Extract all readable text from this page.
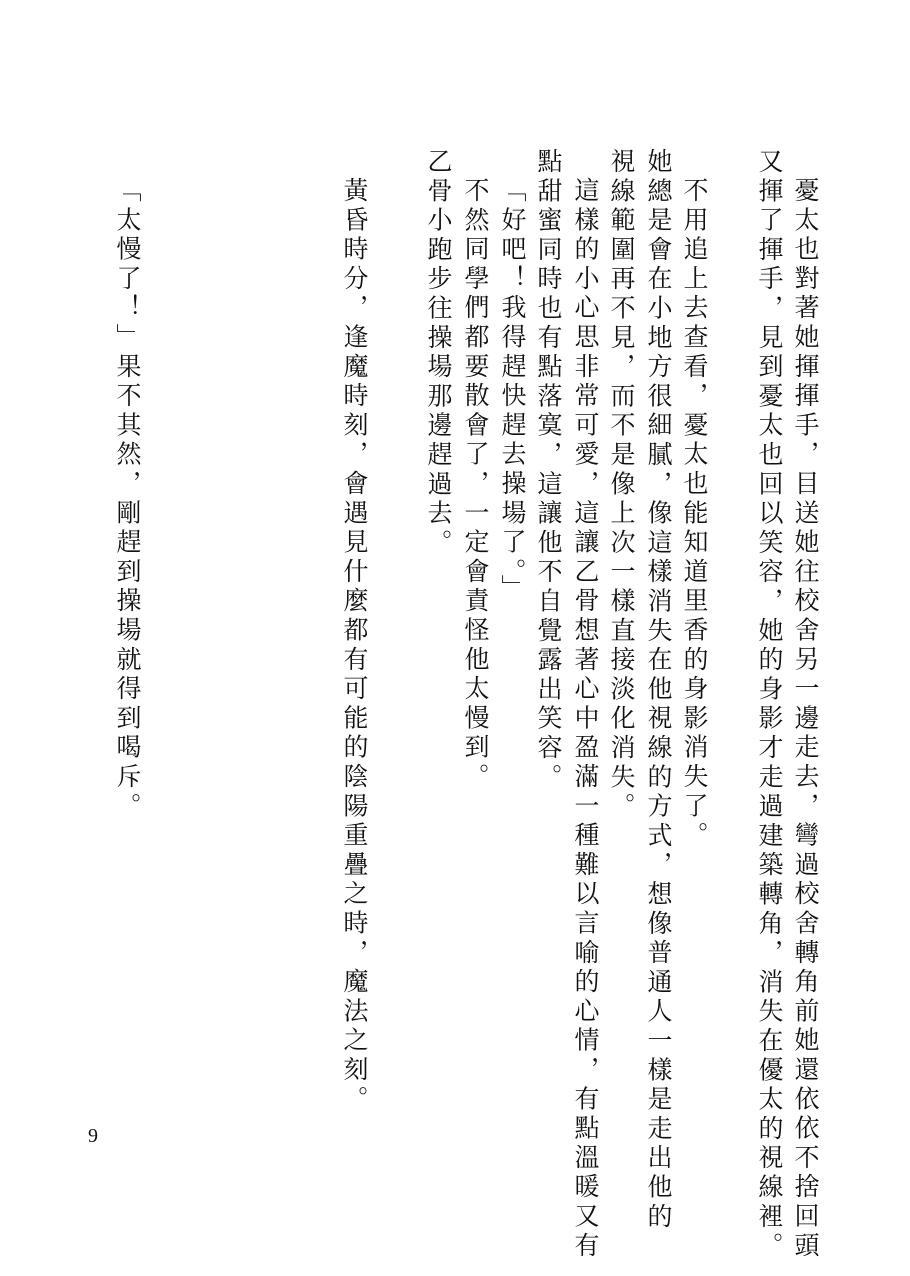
憂太也對著她揮揮手，目送她往校舍另一邊走去，彎過校舍轉角前她還依依不捨回頭
又揮了揮手，見到憂太也回以笑容，她的身影才走過建築轉角，消失在優太的視線裡。
不用追上去查看，憂太也能知道里香的身影消失了。
她總是會在小地方很細膩，像這樣消失在他視線的方式，想像普通人一樣是走出他的
視線範圍再不見，而不是像上次一樣直接淡化消失。
這樣的小心思非常可愛，這讓乙骨想著心中盈滿一種難以言喻的心情，有點溫暖又有
點甜蜜同時也有點落寞，這讓他不自覺露出笑容。
「好吧！我得趕快趕去操場了。」
不然同學們都要散會了，一定會責怪他太慢到。
乙骨小跑步往操場那邊趕過去。
黃昏時分，逢魔時刻，會遇見什麼都有可能的陰陽重疊之時，魔法之刻。
「太慢了！」果不其然，剛趕到操場就得到喝斥。
9
